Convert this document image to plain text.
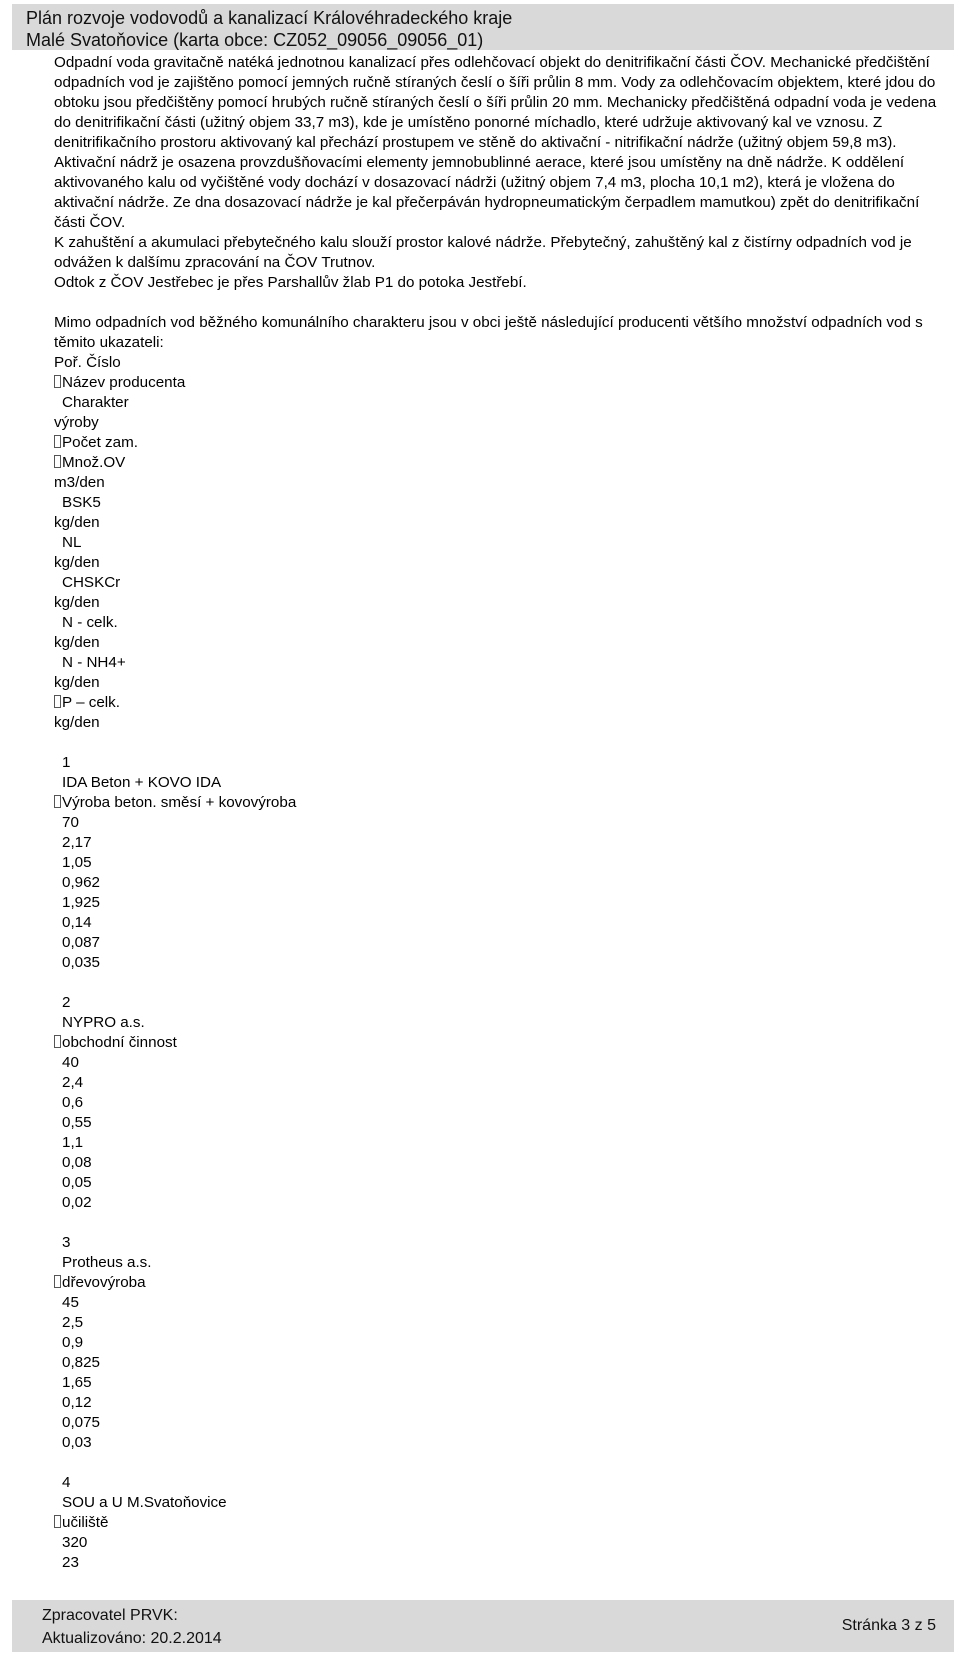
Plán rozvoje vodovodů a kanalizací Královéhradeckého kraje
Malé Svatoňovice (karta obce: CZ052_09056_09056_01)

Odpadní voda gravitačně natéká jednotnou kanalizací přes odlehčovací objekt do denitrifikační části ČOV. Mechanické předčištění odpadních vod je zajištěno pomocí jemných ručně stíraných česlí o šíři průlin 8 mm. Vody za odlehčovacím objektem, které jdou do obtoku jsou předčištěny pomocí hrubých ručně stíraných česlí o šíři průlin 20 mm. Mechanicky předčištěná odpadní voda je vedena do denitrifikační části (užitný objem 33,7 m3), kde je umístěno ponorné míchadlo, které udržuje aktivovaný kal ve vznosu. Z denitrifikačního prostoru aktivovaný kal přechází prostupem ve stěně do aktivační - nitrifikační nádrže (užitný objem 59,8 m3). Aktivační nádrž je osazena provzdušňovacími elementy jemnobublinné aerace, které jsou umístěny na dně nádrže. K oddělení aktivovaného kalu od vyčištěné vody dochází v dosazovací nádrži (užitný objem 7,4 m3, plocha 10,1 m2), která je vložena do aktivační nádrže. Ze dna dosazovací nádrže je kal přečerpáván hydropneumatickým čerpadlem mamutkou) zpět do denitrifikační části ČOV.

K zahuštění a akumulaci přebytečného kalu slouží prostor kalové nádrže. Přebytečný, zahuštěný kal z čistírny odpadních vod je odvážen k dalšímu zpracování na ČOV Trutnov.

Odtok z ČOV Jestřebec je přes Parshallův žlab P1 do potoka Jestřebí.

Mimo odpadních vod běžného komunálního charakteru jsou v obci ještě následující producenti většího množství odpadních vod s těmito ukazateli:

Poř. Číslo
Název producenta
Charakter
výroby
Počet zam.
Množ.OV
m3/den
BSK5
kg/den
NL
kg/den
CHSKCr
kg/den
N - celk.
kg/den
N - NH4+
kg/den
P – celk.
kg/den
1
IDA Beton + KOVO IDA
Výroba beton. směsí + kovovýroba
70
2,17
1,05
0,962
1,925
0,14
0,087
0,035
2
NYPRO a.s.
obchodní činnost
40
2,4
0,6
0,55
1,1
0,08
0,05
0,02
3
Protheus a.s.
dřevovýroba
45
2,5
0,9
0,825
1,65
0,12
0,075
0,03
4
SOU a U M.Svatoňovice
učiliště
320
23
Zpracovatel PRVK:
Aktualizováno: 20.2.2014
Stránka 3 z 5
